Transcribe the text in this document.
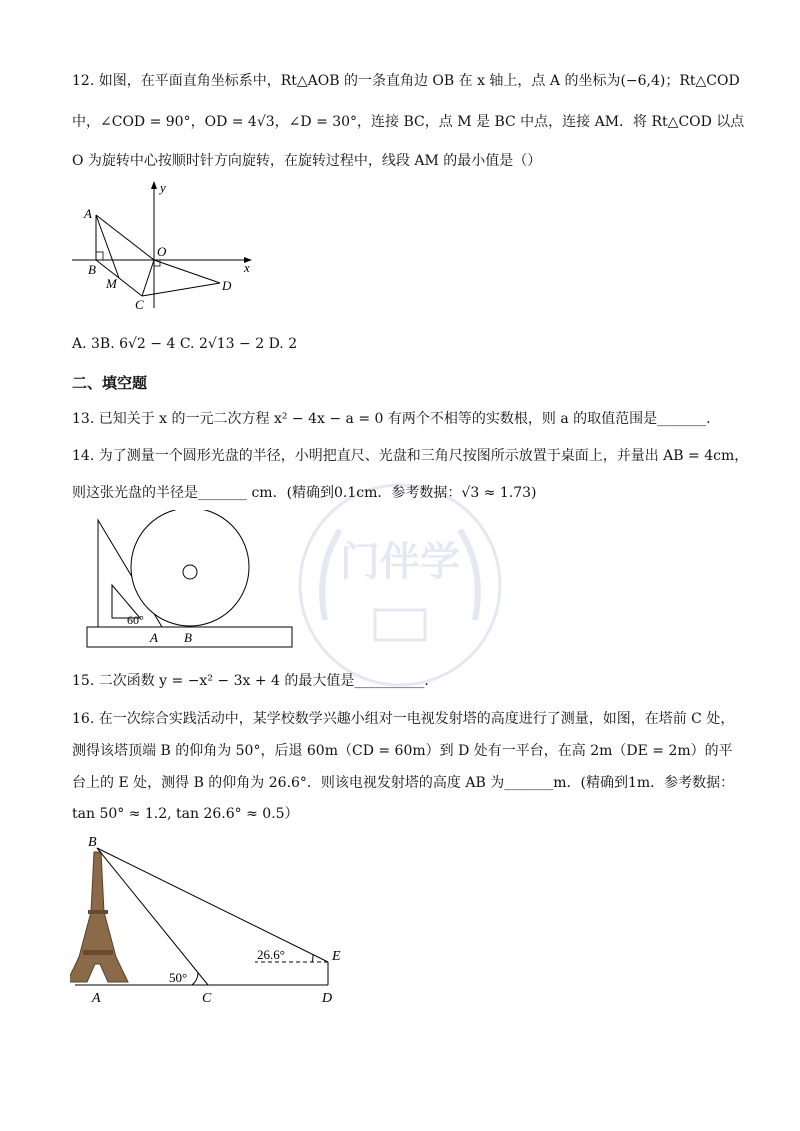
门伴学
12. 如图，在平面直角坐标系中，Rt△AOB 的一条直角边 OB 在 x 轴上，点 A 的坐标为(−6,4)；Rt△COD
中，∠COD = 90°，OD = 4√3，∠D = 30°，连接 BC，点 M 是 BC 中点，连接 AM．将 Rt△COD 以点
O 为旋转中心按顺时针方向旋转，在旋转过程中，线段 AM 的最小值是（）
y
A
O
x
B
M	D
C
A. 3B. 6√2 − 4 C. 2√13 − 2 D. 2
二、填空题
13. 已知关于 x 的一元二次方程 x² − 4x − a = 0 有两个不相等的实数根，则 a 的取值范围是_______.
14. 为了测量一个圆形光盘的半径，小明把直尺、光盘和三角尺按图所示放置于桌面上，并量出 AB = 4cm，
则这张光盘的半径是_______ cm．(精确到0.1cm．参考数据：√3 ≈ 1.73)
60°
A B
15. 二次函数 y = −x² − 3x + 4 的最大值是__________.
16. 在一次综合实践活动中，某学校数学兴趣小组对一电视发射塔的高度进行了测量，如图，在塔前 C 处，
测得该塔顶端 B 的仰角为 50°，后退 60m（CD = 60m）到 D 处有一平台，在高 2m（DE = 2m）的平
台上的 E 处，测得 B 的仰角为 26.6°．则该电视发射塔的高度 AB 为_______m．(精确到1m．参考数据：
tan 50° ≈ 1.2, tan 26.6° ≈ 0.5）
B
E
26.6°
50°
A	C	D
